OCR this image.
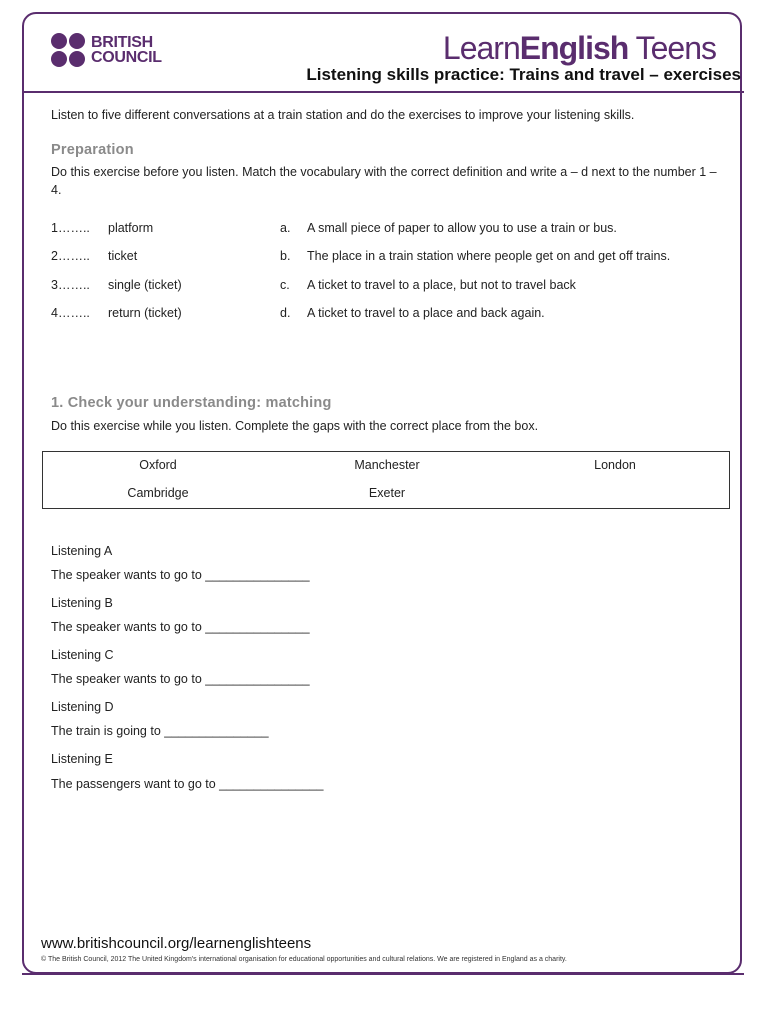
BRITISH
COUNCIL	LearnEnglish Teens
Listening skills practice: Trains and travel – exercises
Listen to five different conversations at a train station and do the exercises to improve your listening skills.
Preparation
Do this exercise before you listen. Match the vocabulary with the correct definition and write a – d next to the number 1 – 4.
1…….. platform	a. A small piece of paper to allow you to use a train or bus.
2…….. ticket	b. The place in a train station where people get on and get off trains.
3…….. single (ticket)	c. A ticket to travel to a place, but not to travel back
4…….. return (ticket)	d. A ticket to travel to a place and back again.
1. Check your understanding: matching
Do this exercise while you listen. Complete the gaps with the correct place from the box.
Oxford	Manchester	London
Cambridge	Exeter
Listening A
The speaker wants to go to _______________
Listening B
The speaker wants to go to _______________
Listening C
The speaker wants to go to _______________
Listening D
The train is going to _______________
Listening E
The passengers want to go to _______________
www.britishcouncil.org/learnenglishteens
© The British Council, 2012 The United Kingdom's international organisation for educational opportunities and cultural relations. We are registered in England as a charity.
